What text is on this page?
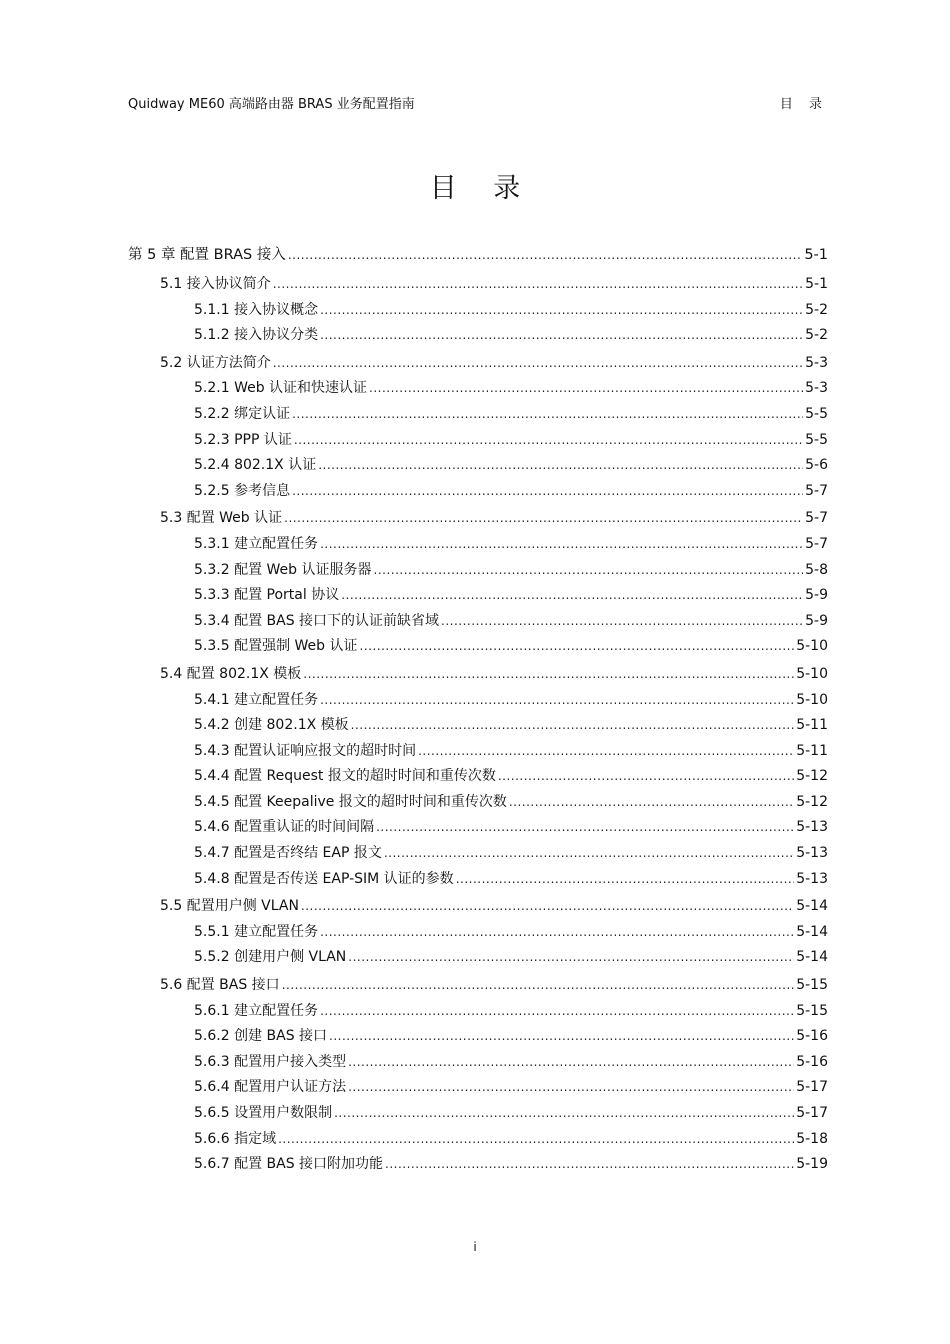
Quidway ME60 高端路由器 BRAS 业务配置指南	目 录
目 录
第 5 章 配置 BRAS 接入 .....	5-1
5.1 接入协议简介 .....	5-1
5.1.1 接入协议概念 .....	5-2
5.1.2 接入协议分类 .....	5-2
5.2 认证方法简介 .....	5-3
5.2.1 Web 认证和快速认证 .....	5-3
5.2.2 绑定认证 .....	5-5
5.2.3 PPP 认证 .....	5-5
5.2.4 802.1X 认证 .....	5-6
5.2.5 参考信息 .....	5-7
5.3 配置 Web 认证 .....	5-7
5.3.1 建立配置任务 .....	5-7
5.3.2 配置 Web 认证服务器 .....	5-8
5.3.3 配置 Portal 协议 .....	5-9
5.3.4 配置 BAS 接口下的认证前缺省域 .....	5-9
5.3.5 配置强制 Web 认证 .....	5-10
5.4 配置 802.1X 模板 .....	5-10
5.4.1 建立配置任务 .....	5-10
5.4.2 创建 802.1X 模板 .....	5-11
5.4.3 配置认证响应报文的超时时间 .....	5-11
5.4.4 配置 Request 报文的超时时间和重传次数 .....	5-12
5.4.5 配置 Keepalive 报文的超时时间和重传次数 .....	5-12
5.4.6 配置重认证的时间间隔 .....	5-13
5.4.7 配置是否终结 EAP 报文 .....	5-13
5.4.8 配置是否传送 EAP-SIM 认证的参数 .....	5-13
5.5 配置用户侧 VLAN .....	5-14
5.5.1 建立配置任务 .....	5-14
5.5.2 创建用户侧 VLAN .....	5-14
5.6 配置 BAS 接口 .....	5-15
5.6.1 建立配置任务 .....	5-15
5.6.2 创建 BAS 接口 .....	5-16
5.6.3 配置用户接入类型 .....	5-16
5.6.4 配置用户认证方法 .....	5-17
5.6.5 设置用户数限制 .....	5-17
5.6.6 指定域 .....	5-18
5.6.7 配置 BAS 接口附加功能 .....	5-19
i
